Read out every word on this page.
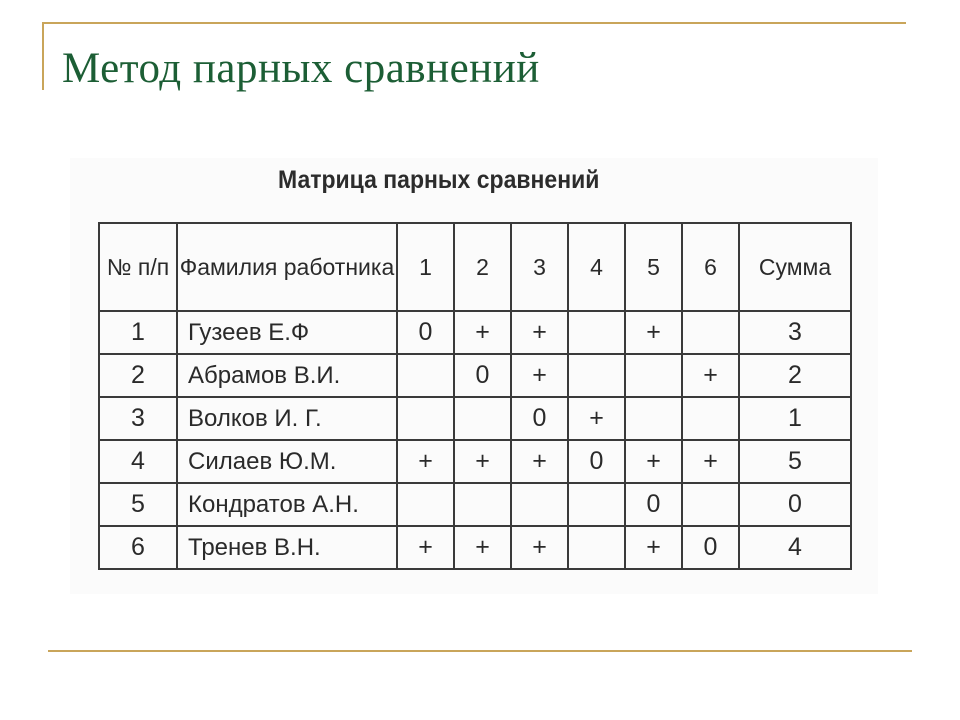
Метод парных сравнений
Матрица парных сравнений
№ п/п	Фамилия работника	1	2	3	4	5	6	Сумма
1	Гузеев Е.Ф	0	+	+		+		3
2	Абрамов В.И.		0	+			+	2
3	Волков И. Г.			0	+			1
4	Силаев Ю.М.	+	+	+	0	+	+	5
5	Кондратов А.Н.					0		0
6	Тренев В.Н.	+	+	+		+	0	4
